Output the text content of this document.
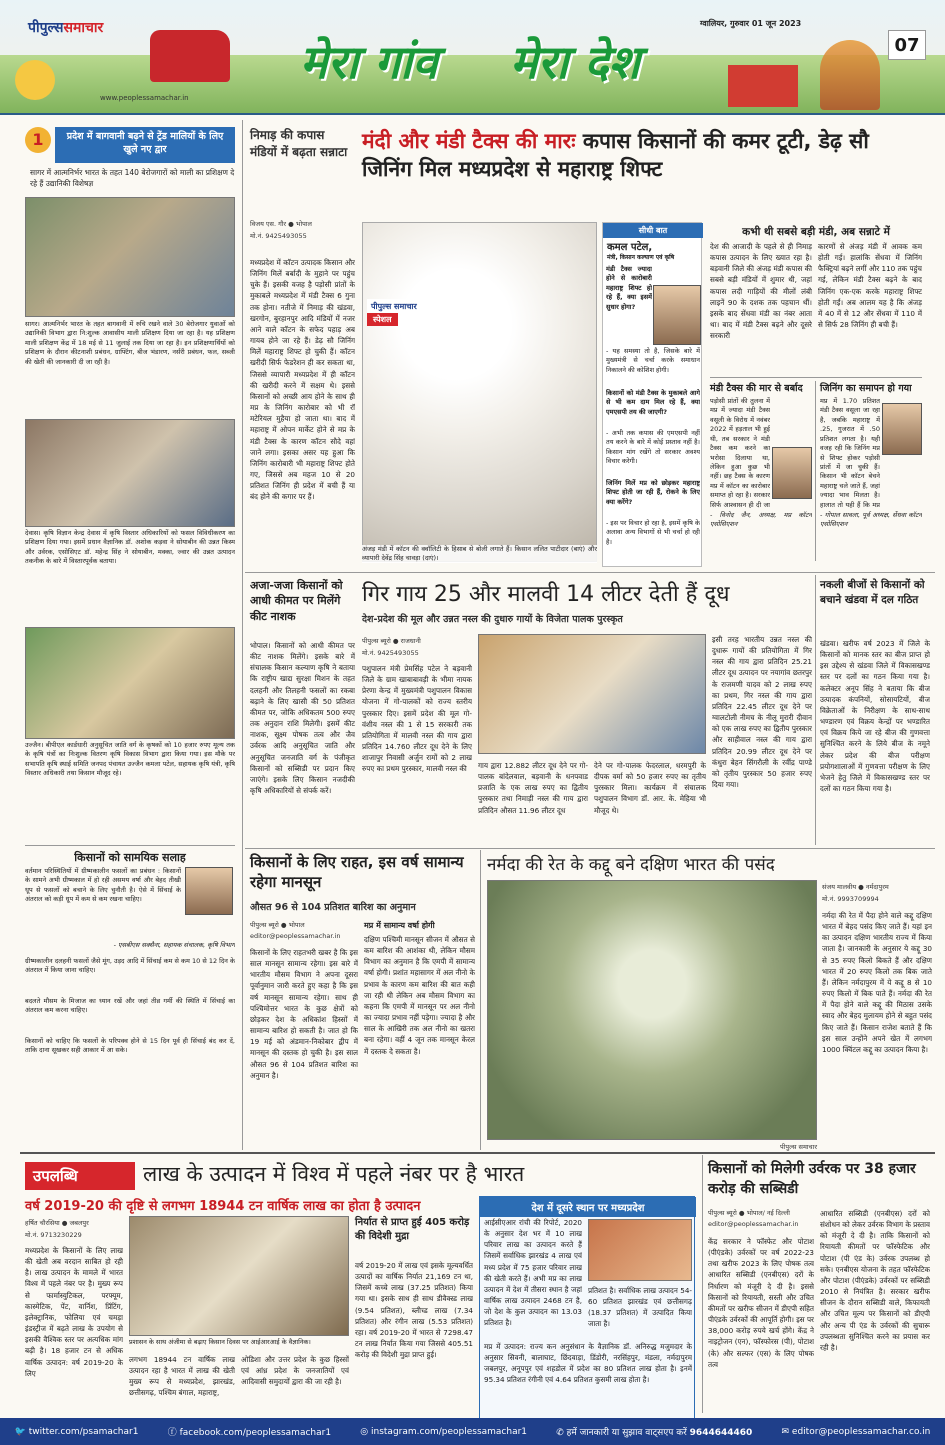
पीपुल्ससमाचार
www.peoplessamachar.in
मेरा गांव मेरा देश
ग्वालियर, गुरुवार 01 जून 2023
07
1	प्रदेश में बागवानी बढ़ने से ट्रेंड मालियों के लिए खुले नए द्वार
सागर में आत्मनिर्भर भारत के तहत 140 बेरोजगारों को माली का प्रशिक्षण दे रहे हैं उद्यानिकी विशेषज्ञ
सागर। आत्मनिर्भर भारत के तहत बागवानी में रुचि रखने वाले 30 बेरोजगार युवाओं को उद्यानिकी विभाग द्वारा नि:शुल्क आवासीय माली प्रशिक्षण दिया जा रहा है। यह प्रशिक्षण माली प्रशिक्षण केंद्र में 18 मई से 11 जुलाई तक दिया जा रहा है। इन प्रशिक्षणार्थियों को प्रशिक्षण के दौरान कीटनाशी प्रबंधन, ग्राफ्टिंग, बीज भंडारण, नर्सरी प्रबंधन, फल, सब्जी की खेती की जानकारी दी जा रही है।
देवास। कृषि विज्ञान केन्द्र देवास में कृषि विस्तार अधिकारियों को फसल विविधीकरण का प्रशिक्षण दिया गया। इसमें प्रधान वैज्ञानिक डॉ. अशोक कड़वा ने सोयाबीन की उन्नत किस्म और उर्वरक, एसोसिएट डॉ. महेन्द्र सिंह ने सोयाबीन, मक्का, ज्वार की उन्नत उत्पादन तकनीक के बारे में विस्तारपूर्वक बताया।
उज्जैन। बीपीएल कार्डधारी अनुसूचित जाति वर्ग के कृषकों को 10 हजार रुपए मूल्य तक के कृषि यंत्रों का निःशुल्क वितरण कृषि विकास विभाग द्वारा किया गया। इस मौके पर सभापति कृषि स्थाई समिति जनपद पंचायत उज्जैन कमला पटेल, सहायक कृषि यंत्री, कृषि विस्तार अधिकारी तथा किसान मौजूद रहे।
किसानों को सामयिक सलाह
वर्तमान परिस्थितियों में ग्रीष्मकालीन फसलों का प्रबंधन : किसानों के सामने अभी ग्रीष्मकाल में हो रही असमय वर्षा और बेहद तीखी धूप से फसलों को बचाने के लिए चुनौती है। ऐसे में सिंचाई के अंतराल को कड़ी धूप में कम से कम रखना चाहिए।
- एसबीएस सक्सैना, सहायक संचालक, कृषि विभाग
ग्रीष्मकालीन दलहनी फसलों जैसे मूंग, उड़द आदि में सिंचाई कम से कम 10 से 12 दिन के अंतराल में किया जाना चाहिए।
बदलते मौसम के मिजाज का ध्यान रखें और जहां तीव्र गर्मी की स्थिति में सिंचाई का अंतराल कम करना चाहिए।
किसानों को चाहिए कि फसलों के परिपक्व होने से 15 दिन पूर्व ही सिंचाई बंद कर दें, ताकि दाना सूखकर सही आकार में आ सके।
निमाड़ की कपास मंडियों में बढ़ता सन्नाटा
विजय एस. गौर ● भोपाल
मो.नं. 9425493055
मध्यप्रदेश में कॉटन उत्पादक किसान और जिनिंग मिलें बर्बादी के मुहाने पर पहुंच चुके हैं। इसकी वजह है पड़ोसी प्रांतों के मुकाबले मध्यप्रदेश में मंडी टैक्स 6 गुना तक होना। नतीजे में निमाड़ की खंडवा, खरगोन, बुरहानपुर आदि मंडियों में नजर आने वाले कॉटन के सफेद पहाड़ अब गायब होने जा रहे हैं। डेढ़ सौ जिनिंग मिलें महाराष्ट्र शिफ्ट हो चुकी हैं। कॉटन खरीदी सिर्फ फेडरेशन ही कर सकता था, जिससे व्यापारी मध्यप्रदेश में ही कॉटन की खरीदी करने में सक्षम थे। इससे किसानों को अच्छी आय होने के साथ ही मप्र के जिनिंग कारोबार को भी रॉ मटेरियल मुहैया हो जाता था। बाद में महाराष्ट्र में ओपन मार्केट होने से मप्र के मंडी टैक्स के कारण कॉटन सौदे वहां जाने लगा। इसका असर यह हुआ कि जिनिंग कारोबारी भी महाराष्ट्र शिफ्ट होते गए, जिससे अब महज 10 से 20 प्रतिशत जिनिंग ही प्रदेश में बची हैं या बंद होने की कगार पर हैं।
मंदी और मंडी टैक्स की मारः कपास किसानों की कमर टूटी, डेढ़ सौ जिनिंग मिल मध्यप्रदेश से महाराष्ट्र शिफ्ट
पीपुल्स समाचार
स्पेशल
अंजड़ मंडी में कॉटन की क्वॉलिटी के हिसाब से बोली लगाते हैं। किसान ललित पाटीदार (बाएं) और व्यापारी देवेंद्र सिंह चावड़ा (दाएं)।
सीधी बात
कमल पटेल,
मंत्री, किसान कल्याण एवं कृषि
मंडी टैक्स ज्यादा होने से कारोबारी महाराष्ट्र शिफ्ट हो रहे हैं, क्या इसमें सुधार होगा?
- यह समस्या तो है, जिसके बारे में मुख्यमंत्री से चर्चा करके समाधान निकालने की कोशिश होगी।
किसानों को मंडी टैक्स के मुकाबले आगे से भी कम दाम मिल रहे हैं, क्या एमएसपी तय की जाएगी?
- अभी तक कपास की एमएसपी नहीं तय करने के बारे में कोई प्रस्ताव नहीं है। किसान मांग रखेंगे तो सरकार अवश्य विचार करेगी।
जिनिंग मिलें मप्र को छोड़कर महाराष्ट्र शिफ्ट होती जा रही हैं, रोकने के लिए क्या करेंगे?
- इस पर विचार हो रहा है, इसमें कृषि के अलावा अन्य विभागों से भी चर्चा हो रही है।
कभी थी सबसे बड़ी मंडी, अब सन्नाटे में
देश की आजादी के पहले से ही निमाड़ कपास उत्पादन के लिए ख्यात रहा है। बड़वानी जिले की अंजड़ मंडी कपास की सबसे बड़ी मंडियों में शुमार थी, जहां कपास लदी गाड़ियों की मीलों लंबी लाइनें 90 के दशक तक पहचान थीं। इसके बाद सेंधवा मंडी का नंबर आता था। बाद में मंडी टैक्स बढ़ने और दूसरे सरकारी
कारणों से अंजड़ मंडी में आवक कम होती गई। हालांकि सेंधवा में जिनिंग फैक्ट्रियां बढ़ने लगीं और 110 तक पहुंच गई, लेकिन मंडी टैक्स बढ़ने के बाद जिनिंग एक-एक करके महाराष्ट्र शिफ्ट होती गईं। अब आलम यह है कि अंजड़ में 40 में से 12 और सेंधवा में 110 में से सिर्फ 28 जिनिंग ही बची हैं।
मंडी टैक्स की मार से बर्बाद
पड़ोसी प्रांतों की तुलना में मप्र में ज्यादा मंडी टैक्स वसूली के विरोध में नवंबर 2022 में हड़ताल भी हुई थी, तब सरकार ने मंडी टैक्स कम करने का भरोसा दिलाया था, लेकिन हुआ कुछ भी नहीं। छह टैक्स के कारण मप्र में कॉटन का कारोबार समाप्त हो रहा है। सरकार सिर्फ आश्वासन ही दी जा
- विनोद जैन, अध्यक्ष, मप्र कॉटन एसोसिएशन
जिनिंग का समापन हो गया
मप्र में 1.70 प्रतिशत मंडी टैक्स वसूला जा रहा है, जबकि महाराष्ट्र में .25, गुजरात में .50 प्रतिशत लगता है। यही वजह रही कि जिनिंग मप्र से शिफ्ट होकर पड़ोसी प्रांतों में जा चुकी हैं। किसान भी कॉटन बेचने महाराष्ट्र चले जाते हैं, जहां ज्यादा भाव मिलता है। हालात तो यही हैं कि मप्र
- गोपाल सावला, पूर्व अध्यक्ष, सेंधवा कॉटन एसोसिएशन
अजा-जजा किसानों को आधी कीमत पर मिलेंगे कीट नाशक
भोपाल। किसानों को आधी कीमत पर कीट नाशक मिलेंगे। इसके बारे में संचालक किसान कल्याण कृषि ने बताया कि राष्ट्रीय खाद्य सुरक्षा मिशन के तहत दलहनी और तिलहनी फसलों का रकबा बढ़ाने के लिए खासी की 50 प्रतिशत कीमत पर, जोकि अधिकतम 500 रुपए तक अनुदान राशि मिलेगी। इसमें कीट नाशक, सूक्ष्म पोषक तत्व और जैव उर्वरक आदि अनुसूचित जाति और अनुसूचित जनजाति वर्ग के पंजीकृत किसानों को सब्सिडी पर प्रदान किए जाएंगे। इसके लिए किसान नजदीकी कृषि अधिकारियों से संपर्क करें।
गिर गाय 25 और मालवी 14 लीटर देती हैं दूध
देश-प्रदेश की मूल और उन्नत नस्ल की दुधारु गायों के विजेता पालक पुरस्कृत
पीपुल्स ब्यूरो ● राजधानी
मो.नं. 9425493055
पशुपालन मंत्री प्रेमसिंह पटेल ने बड़वानी जिले के ग्राम खाबाबावड़ी के भीमा नायक प्रेरणा केन्द्र में मुख्यमंत्री पशुपालन विकास योजना में गो-पालकों को राज्य स्तरीय पुरस्कार दिए। इसमें प्रदेश की मूल गो-वंशीय नस्ल की 1 से 15 सरकारी तक प्रतियोगिता में मालवी नस्ल की गाय द्वारा प्रतिदिन 14.760 लीटर दूध देने के लिए शाजापुर निवासी अर्जुन रामों को 2 लाख रुपए का प्रथम पुरस्कार, मालवी नस्ल की	गाय द्वारा 12.882 लीटर दूध देने पर गो-पालक बांदेलवाल, बड़वानी के धनपवाड प्रजाति के एक लाख रुपए का द्वितीय पुरस्कार तथा निमाड़ी नस्ल की गाय द्वारा प्रतिदिन औसत 11.96 लीटर दूध
देने पर गो-पालक फेदरलाल, धरमपुरी के दीपक वर्मा को 50 हजार रुपए का तृतीय पुरस्कार मिला। कार्यक्रम में संचालक पशुपालन विभाग डॉ. आर. के. मेहिया भी मौजूद थे।
इसी तरह भारतीय उन्नत नस्ल की दुधारू गायों की प्रतियोगिता में गिर नस्ल की गाय द्वारा प्रतिदिन 25.21 लीटर दूध उत्पादन पर नयागांव छतरपुर के राजमणी यादव को 2 लाख रुपए का प्रथम, गिर नस्ल की गाय द्वारा प्रतिदिन 22.45 लीटर दूध देने पर ग्वालटोली नीमच के नीलू मुरारी दीवान को एक लाख रुपए का द्वितीय पुरस्कार और साहीवाल नस्ल की गाय द्वारा प्रतिदिन 20.99 लीटर दूध देने पर कंधुरा बेहन सिंगरौली के रवींद्र पाण्डे को तृतीय पुरस्कार 50 हजार रुपए दिया गया।
नकली बीजों से किसानों को बचाने खंडवा में दल गठित
खंडवा। खरीफ वर्ष 2023 में जिले के किसानों को मानक स्तर का बीज प्राप्त हो इस उद्देश्य से खंडवा जिले में विकासखण्ड स्तर पर दलों का गठन किया गया है। कलेक्टर अनूप सिंह ने बताया कि बीज उत्पादक कंपनियों, सोसायटियों, बीज विक्रेताओं के निरीक्षण के साथ-साथ भण्डारण एवं विक्रय केन्द्रों पर भण्डारित एवं विक्रय किये जा रहे बीज की गुणवत्ता सुनिश्चित करने के लिये बीज के नमूने लेकर प्रदेश की बीज परीक्षण प्रयोगशालाओं में गुणवत्ता परीक्षण के लिए भेजने हेतु जिले में विकासखण्ड स्तर पर दलों का गठन किया गया है।
किसानों के लिए राहत, इस वर्ष सामान्य रहेगा मानसून
औसत 96 से 104 प्रतिशत बारिश का अनुमान
पीपुल्स ब्यूरो ● भोपाल
editor@peoplessamachar.in
किसानों के लिए राहतभरी खबर है कि इस साल मानसून सामान्य रहेगा। इस बारे में भारतीय मौसम विभाग ने अपना दूसरा पूर्वानुमान जारी करते हुए कहा है कि इस वर्ष मानसून सामान्य रहेगा। साथ ही पश्चिमोत्तर भारत के कुछ क्षेत्रों को छोड़कर देश के अधिकांश हिस्सों में सामान्य बारिश हो सकती है। जात हो कि 19 मई को अंडमान-निकोबार द्वीप में मानसून की दस्तक हो चुकी है। इस साल औसत 96 से 104 प्रतिशत बारिश का अनुमान है।
मप्र में सामान्य वर्षा होगी
दक्षिण पश्चिमी मानसून सीजन में औसत से कम बारिश की आशंका थी, लेकिन मौसम विभाग का अनुमान है कि एमपी में सामान्य वर्षा होगी। प्रशांत महासागर में अल नीनो के प्रभाव के कारण कम बारिश की बात कही जा रही थी लेकिन अब मौसम विभाग का कहना कि एमपी में मानसून पर अल नीनो का ज्यादा प्रभाव नहीं पड़ेगा। ज्यादा है और साल के आखिरी तक अल नीनो का खतरा बना रहेगा। वहीं 4 जून तक मानसून केरल में दस्तक दे सकता है।
नर्मदा की रेत के कद्दू बने दक्षिण भारत की पसंद
संजय मालवीय ● नर्मदापुरम
मो.नं. 9993709994
पीपुल्स समाचार
नर्मदा की रेत में पैदा होने वाले कद्दू दक्षिण भारत में बेहद पसंद किए जाते हैं। यहां इन का उत्पादन दक्षिण भारतीय राज्य में किया जाता है। जानकारी के अनुसार ये कद्दू 30 से 35 रुपए किलो बिकते हैं और दक्षिण भारत में 20 रुपए किलो तक बिक जाते हैं। लेकिन नर्मदापुरम में ये कद्दू 8 से 10 रुपए किलो में बिक पाते हैं। नर्मदा की रेत में पैदा होने वाले कद्दू की मिठास उसके स्वाद और बेहद मुलायम होने से बहुत पसंद किए जाते हैं। किसान राजेश बताते हैं कि इस साल उन्होंने अपने खेत में लगभग 1000 क्विंटल कद्दू का उत्पादन किया है।
उपलब्धि	लाख के उत्पादन में विश्व में पहले नंबर पर है भारत
वर्ष 2019-20 की दृष्टि से लगभग 18944 टन वार्षिक लाख का होता है उत्पादन
हर्षित चौरसिया ● जबलपुर
मो.नं. 9713230229
मध्यप्रदेश के किसानों के लिए लाख की खेती अब वरदान साबित हो रही है। लाख उत्पादन के मामले में भारत विश्व में पहले नंबर पर है। मुख्य रूप से फार्मास्युटिकल, परफ्यूम, कास्मेटिक, पेंट, वार्निश, प्रिंटिंग, इलेक्ट्रानिक, फोलिया एवं चमड़ा इंडस्ट्रीज में बढ़ते लाख के उपयोग से इसकी वैश्विक स्तर पर अत्यधिक मांग बढ़ी है। 18 हजार टन से अधिक वार्षिक उत्पादन: वर्ष 2019-20 के लिए
प्रशासन के साथ अंजीमा से बढ़ाए किसान दिवस पर आईआरआई के वैज्ञानिक।
लगभग 18944 टन वार्षिक लाख उत्पादन रहा है भारत में लाख की खेती मुख्य रूप से मध्यप्रदेश, झारखंड, छत्तीसगढ़, पश्चिम बंगाल, महाराष्ट्र,
ओडिशा और उत्तर प्रदेश के कुछ हिस्सों एवं आंध्र प्रदेश के जनजातियों एवं आदिवासी समुदायों द्वारा की जा रही है।
निर्यात से प्राप्त हुई 405 करोड़ की विदेशी मुद्रा
वर्ष 2019-20 में लाख एवं इसके मूल्यवर्धित उत्पादों का वार्षिक निर्यात 21,169 टन था, जिसमें कच्चे लाख (37.25 प्रतिशत) किया गया था। इसके साथ ही साथ डीवैक्स्ड लाख (9.54 प्रतिशत), ब्लीच्ड लाख (7.34 प्रतिशत) और रंगीन लाख (5.53 प्रतिशत) रहा। वर्ष 2019-20 में भारत से 7298.47 टन लाख निर्यात किया गया जिससे 405.51 करोड़ की विदेशी मुद्रा प्राप्त हुई।
देश में दूसरे स्थान पर मध्यप्रदेश
आईसीएआर रांची की रिपोर्ट, 2020 के अनुसार देश भर में 10 लाख परिवार लाख का उत्पादन करते हैं जिसमें सर्वाधिक झारखंड 4 लाख एवं मध्य प्रदेश में 75 हजार परिवार लाख की खेती करते हैं। अभी मप्र का लाख उत्पादन में देश में तीसरा स्थान है जहां वार्षिक लाख उत्पादन 2468 टन है, जो देश के कुल उत्पादन का 13.03 प्रतिशत है।
प्रतिशत है। सर्वाधिक लाख उत्पादन 54-60 प्रतिशत झारखंड एवं छत्तीसगढ़ (18.37 प्रतिशत) में उत्पादित किया जाता है।
मप्र में उत्पादन: राज्य कन अनुसंधान के वैज्ञानिक डॉ. अनिरुद्ध मजुमदार के अनुसार सिवनी, बालाघाट, छिंदवाड़ा, डिंडोरी, नरसिंहपुर, मंडला, नर्मदापुरम जबलपुर, अनूपपुर एवं शहडोल में प्रदेश का 80 प्रतिशत लाख होता है। इनमें 95.34 प्रतिशत रंगीनी एवं 4.64 प्रतिशत कुसमी लाख होता है।
किसानों को मिलेगी उर्वरक पर 38 हजार करोड़ की सब्सिडी
पीपुल्स ब्यूरो ● भोपाल/ नई दिल्ली
editor@peoplessamachar.in
केंद्र सरकार ने फॉस्फेट और पोटाश (पीएंडके) उर्वरकों पर वर्ष 2022-23 तथा खरीफ 2023 के लिए पोषक तत्व आधारित सब्सिडी (एनबीएस) दरों के निर्धारण को मंजूरी दे दी है। इससे किसानों को रियायती, सस्ती और उचित कीमतों पर खरीफ सीजन में डीएपी सहित पीएंडके उर्वरकों की आपूर्ति होगी। इस पर 38,000 करोड़ रुपये खर्च होंगे। केंद्र ने नाइट्रोजन (एन), फॉस्फोरस (पी), पोटाश (के) और सल्फर (एस) के लिए पोषक तत्व
आधारित सब्सिडी (एनबीएस) दरों को संशोधन को लेकर उर्वरक विभाग के प्रस्ताव को मंजूरी दे दी है। ताकि किसानों को रियायती कीमतों पर फॉस्फेटिक और पोटाश (पी एंड के) उर्वरक उपलब्ध हो सके। एनबीएस योजना के तहत फॉस्फेटिक और पोटाश (पीएंडके) उर्वरकों पर सब्सिडी 2010 से नियंत्रित है। सरकार खरीफ सीजन के दौरान सब्सिडी वाले, किफायती और उचित मूल्य पर किसानों को डीएपी और अन्य पी एंड के उर्वरकों की सुचारू उपलब्धता सुनिश्चित करने का प्रयास कर रही है।
🐦 twitter.com/psamachar1	ⓕ facebook.com/peoplessamachar1	◎ instagram.com/peoplessamachar1	✆ हमें जानकारी या सुझाव वाट्सएप करें 9644644460	✉ editor@peoplessamachar.co.in
